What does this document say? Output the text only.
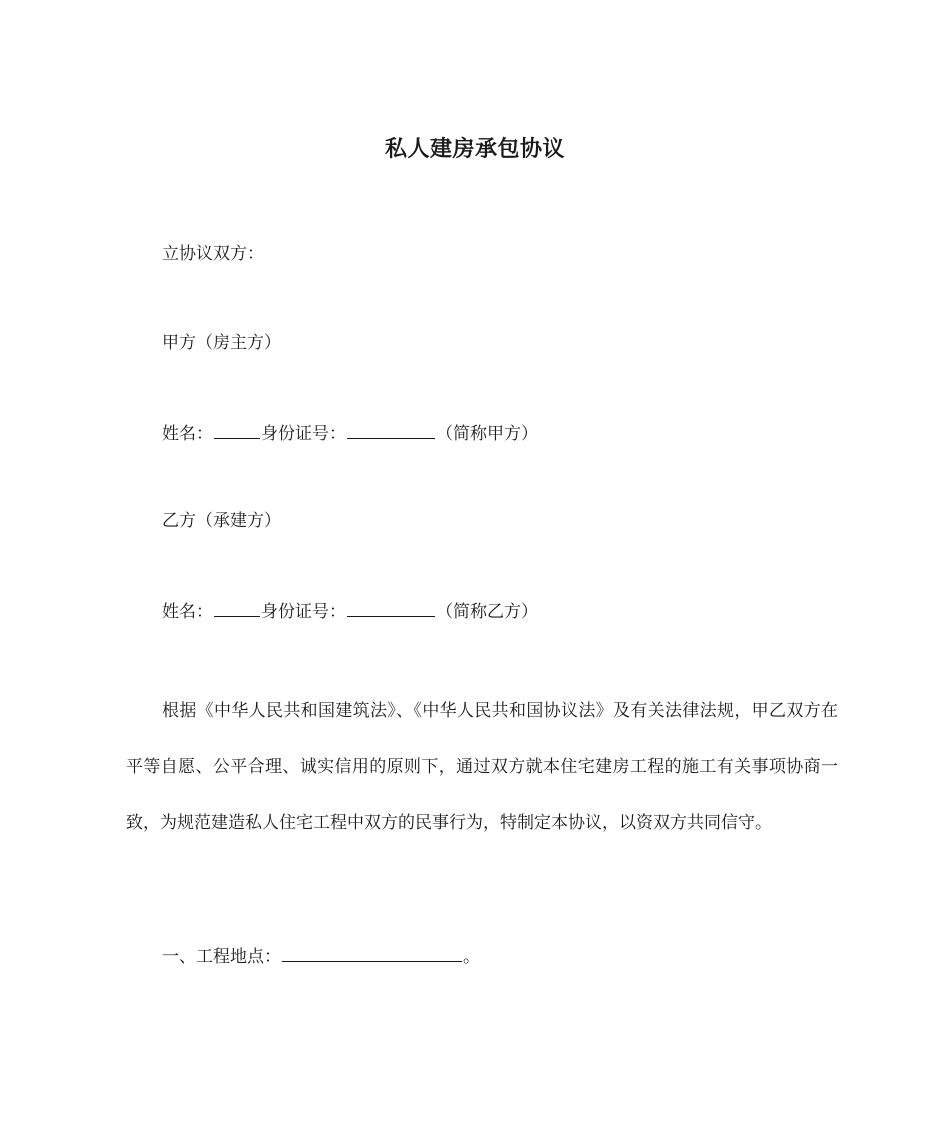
私人建房承包协议
立协议双方：
甲方（房主方）
姓名：	身份证号：	（简称甲方）
乙方（承建方）
姓名：	身份证号：	（简称乙方）
根据《中华人民共和国建筑法》、《中华人民共和国协议法》及有关法律法规，甲乙双方在平等自愿、公平合理、诚实信用的原则下，通过双方就本住宅建房工程的施工有关事项协商一致，为规范建造私人住宅工程中双方的民事行为，特制定本协议，以资双方共同信守。
一、工程地点：	。
